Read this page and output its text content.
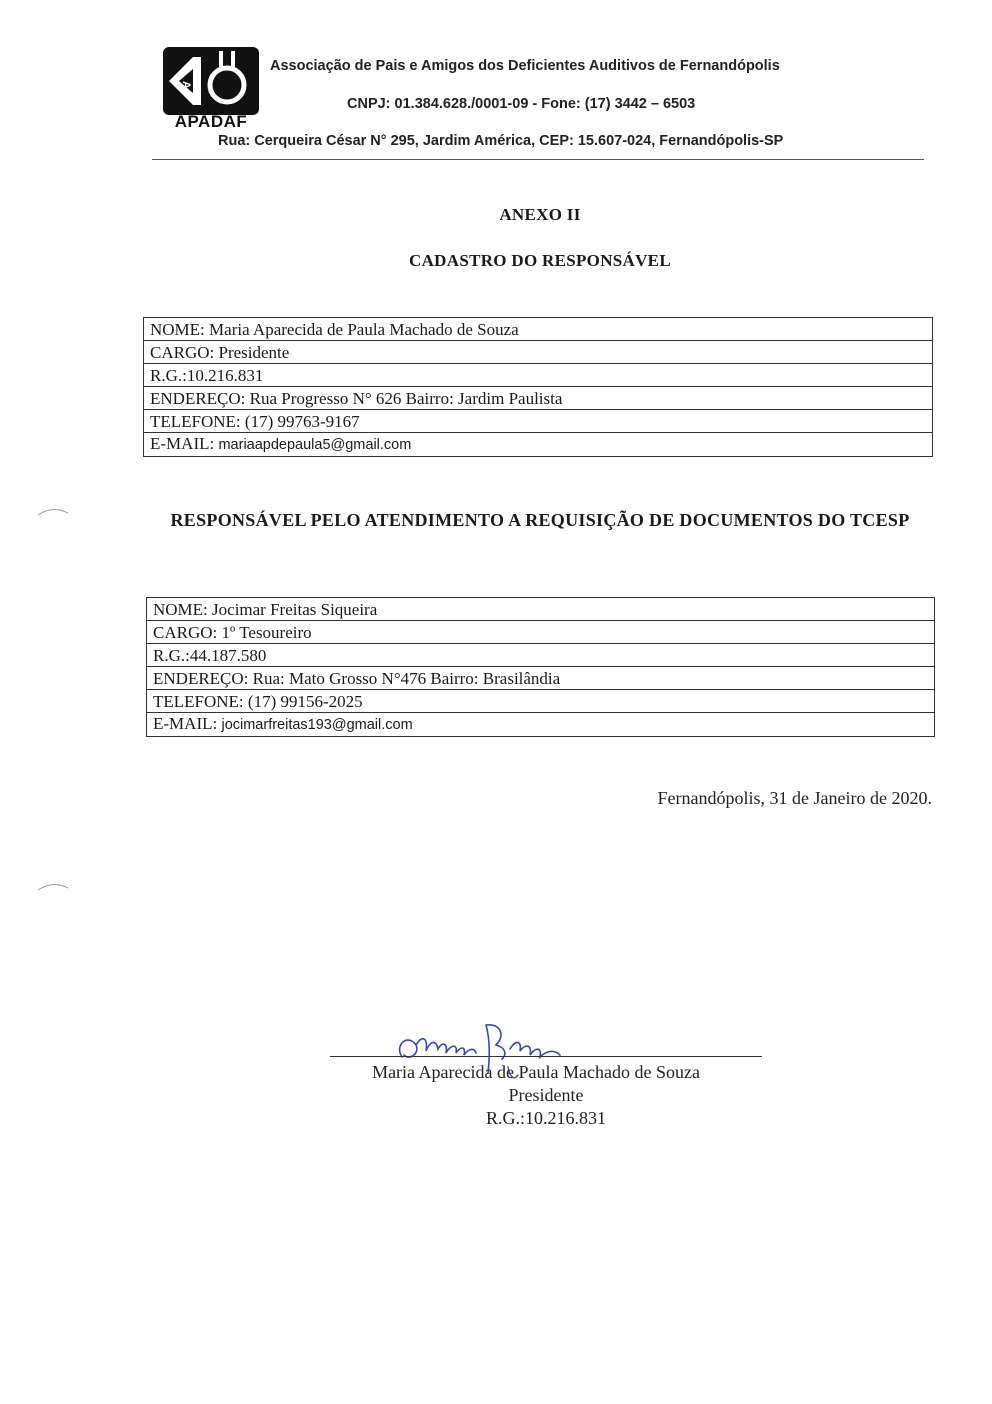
A
APADAF
Associação de Pais e Amigos dos Deficientes Auditivos de Fernandópolis
CNPJ: 01.384.628./0001-09 - Fone: (17) 3442 – 6503
Rua: Cerqueira César N° 295, Jardim América, CEP: 15.607-024, Fernandópolis-SP
ANEXO II
CADASTRO DO RESPONSÁVEL
NOME: Maria Aparecida de Paula Machado de Souza
CARGO: Presidente
R.G.:10.216.831
ENDEREÇO: Rua Progresso N° 626 Bairro: Jardim Paulista
TELEFONE: (17) 99763-9167
E-MAIL: mariaapdepaula5@gmail.com
RESPONSÁVEL PELO ATENDIMENTO A REQUISIÇÃO DE DOCUMENTOS DO TCESP
NOME: Jocimar Freitas Siqueira
CARGO: 1º Tesoureiro
R.G.:44.187.580
ENDEREÇO: Rua: Mato Grosso N°476 Bairro: Brasilândia
TELEFONE: (17) 99156-2025
E-MAIL: jocimarfreitas193@gmail.com
Fernandópolis, 31 de Janeiro de 2020.
Maria Aparecida de Paula Machado de Souza
Presidente
R.G.:10.216.831
